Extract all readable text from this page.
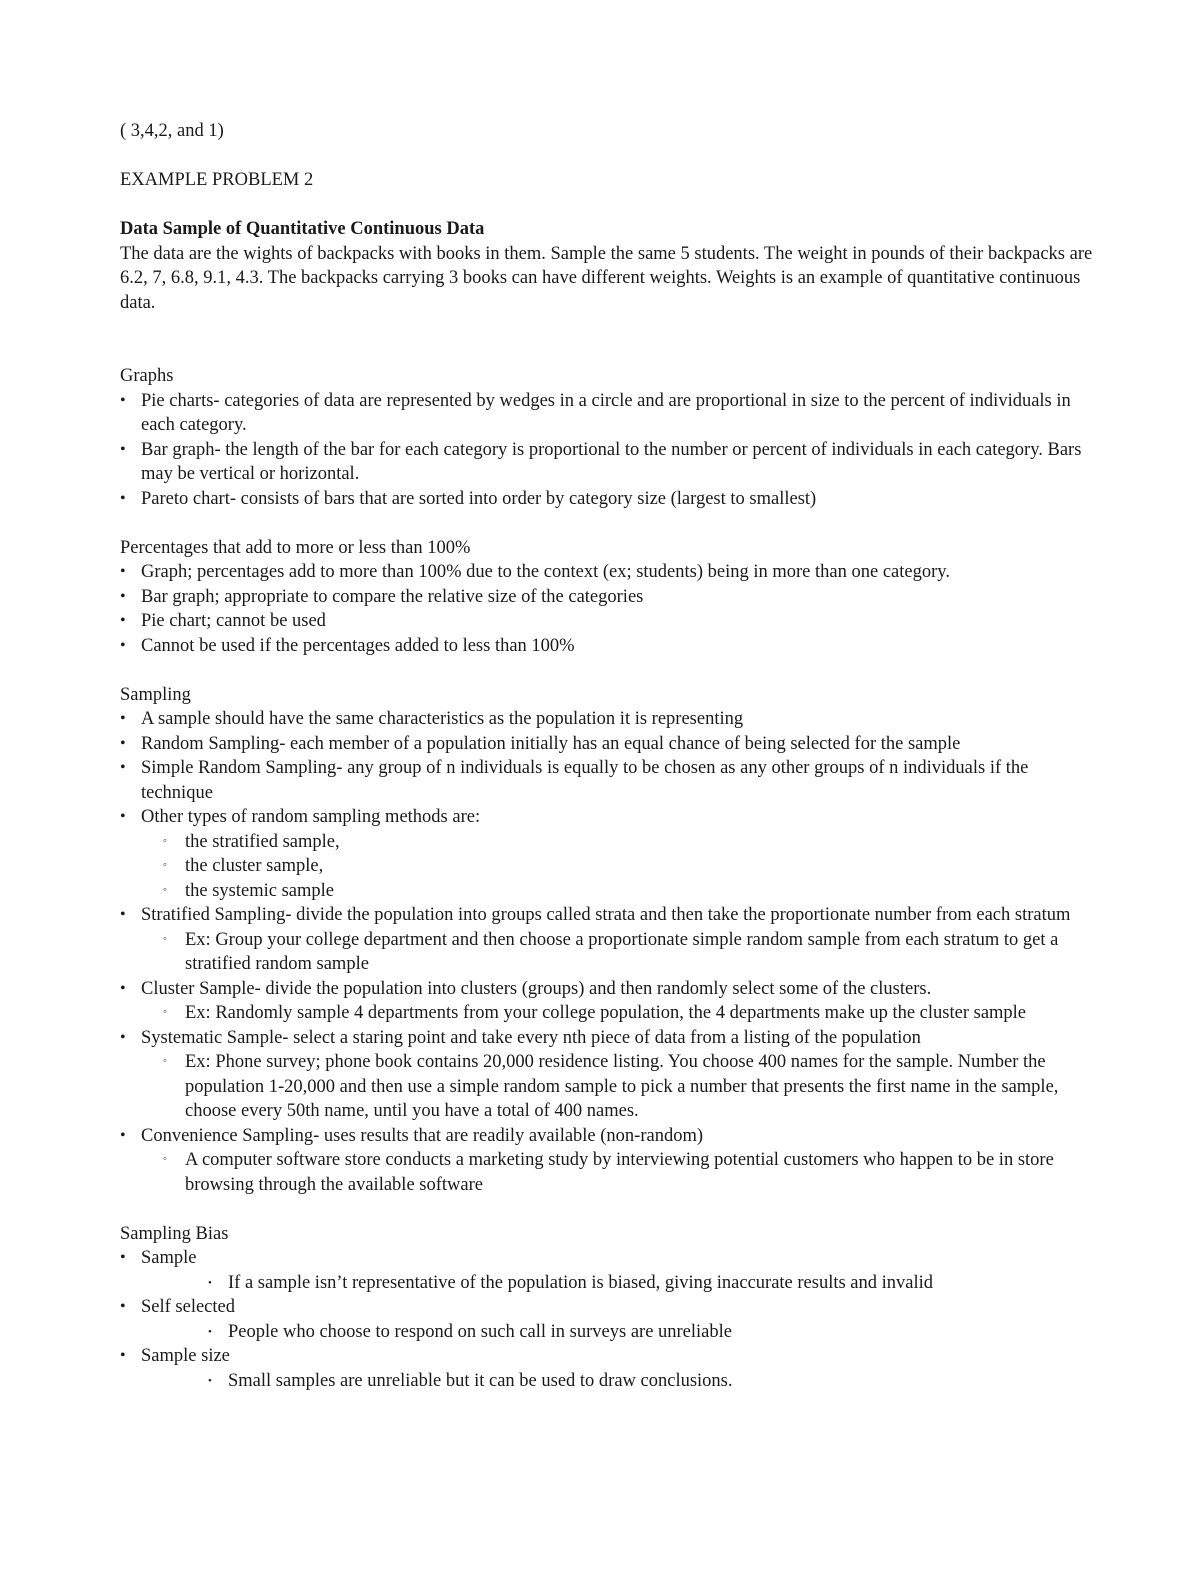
( 3,4,2, and 1)

EXAMPLE PROBLEM 2

Data Sample of Quantitative Continuous Data

The data are the wights of backpacks with books in them. Sample the same 5 students. The weight in pounds of their backpacks are 6.2, 7, 6.8, 9.1, 4.3. The backpacks carrying 3 books can have different weights. Weights is an example of quantitative continuous data.

Graphs

• Pie charts- categories of data are represented by wedges in a circle and are proportional in size to the percent of individuals in each category.
• Bar graph- the length of the bar for each category is proportional to the number or percent of individuals in each category. Bars may be vertical or horizontal.
• Pareto chart- consists of bars that are sorted into order by category size (largest to smallest)

Percentages that add to more or less than 100%

• Graph; percentages add to more than 100% due to the context (ex; students) being in more than one category.
• Bar graph; appropriate to compare the relative size of the categories
• Pie chart; cannot be used
• Cannot be used if the percentages added to less than 100%

Sampling

• A sample should have the same characteristics as the population it is representing
• Random Sampling- each member of a population initially has an equal chance of being selected for the sample
• Simple Random Sampling- any group of n individuals is equally to be chosen as any other groups of n individuals if the technique
• Other types of random sampling methods are:
◦ the stratified sample,
◦ the cluster sample,
◦ the systemic sample
• Stratified Sampling- divide the population into groups called strata and then take the proportionate number from each stratum
◦ Ex: Group your college department and then choose a proportionate simple random sample from each stratum to get a stratified random sample
• Cluster Sample- divide the population into clusters (groups) and then randomly select some of the clusters.
◦ Ex: Randomly sample 4 departments from your college population, the 4 departments make up the cluster sample
• Systematic Sample- select a staring point and take every nth piece of data from a listing of the population
◦ Ex: Phone survey; phone book contains 20,000 residence listing. You choose 400 names for the sample. Number the population 1-20,000 and then use a simple random sample to pick a number that presents the first name in the sample, choose every 50th name, until you have a total of 400 names.
• Convenience Sampling- uses results that are readily available (non-random)
◦ A computer software store conducts a marketing study by interviewing potential customers who happen to be in store browsing through the available software

Sampling Bias

• Sample
• If a sample isn’t representative of the population is biased, giving inaccurate results and invalid
• Self selected
• People who choose to respond on such call in surveys are unreliable
• Sample size
• Small samples are unreliable but it can be used to draw conclusions.
